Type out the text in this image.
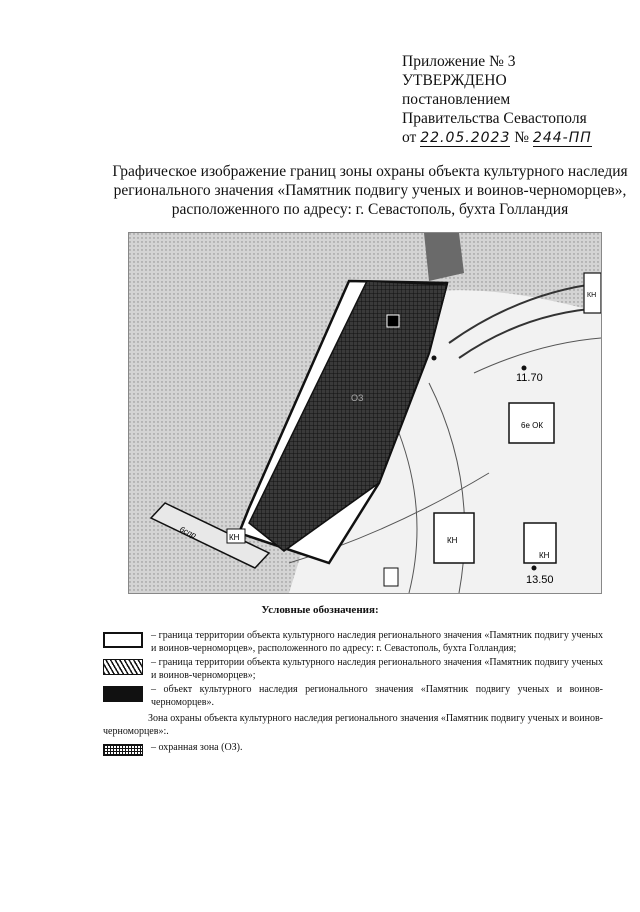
Приложение № 3
УТВЕРЖДЕНО
постановлением
Правительства Севастополя
от 22.05.2023 № 244-ПП
Графическое изображение границ зоны охраны объекта культурного наследия регионального значения «Памятник подвигу ученых и воинов-черноморцев», расположенного по адресу: г. Севастополь, бухта Голландия
11.70
13.50
КН
КН	КН
КН
ОЗ
6е ОК
6спр
Условные обозначения:
– граница территории объекта культурного наследия регионального значения «Памятник подвигу ученых и воинов-черноморцев», расположенного по адресу: г. Севастополь, бухта Голландия;
– граница территории объекта культурного наследия регионального значения «Памятник подвигу ученых и воинов-черноморцев»;
– объект культурного наследия регионального значения «Памятник подвигу ученых и воинов-черноморцев».
Зона охраны объекта культурного наследия регионального значения «Памятник подвигу ученых и воинов-черноморцев»:.
– охранная зона (ОЗ).
